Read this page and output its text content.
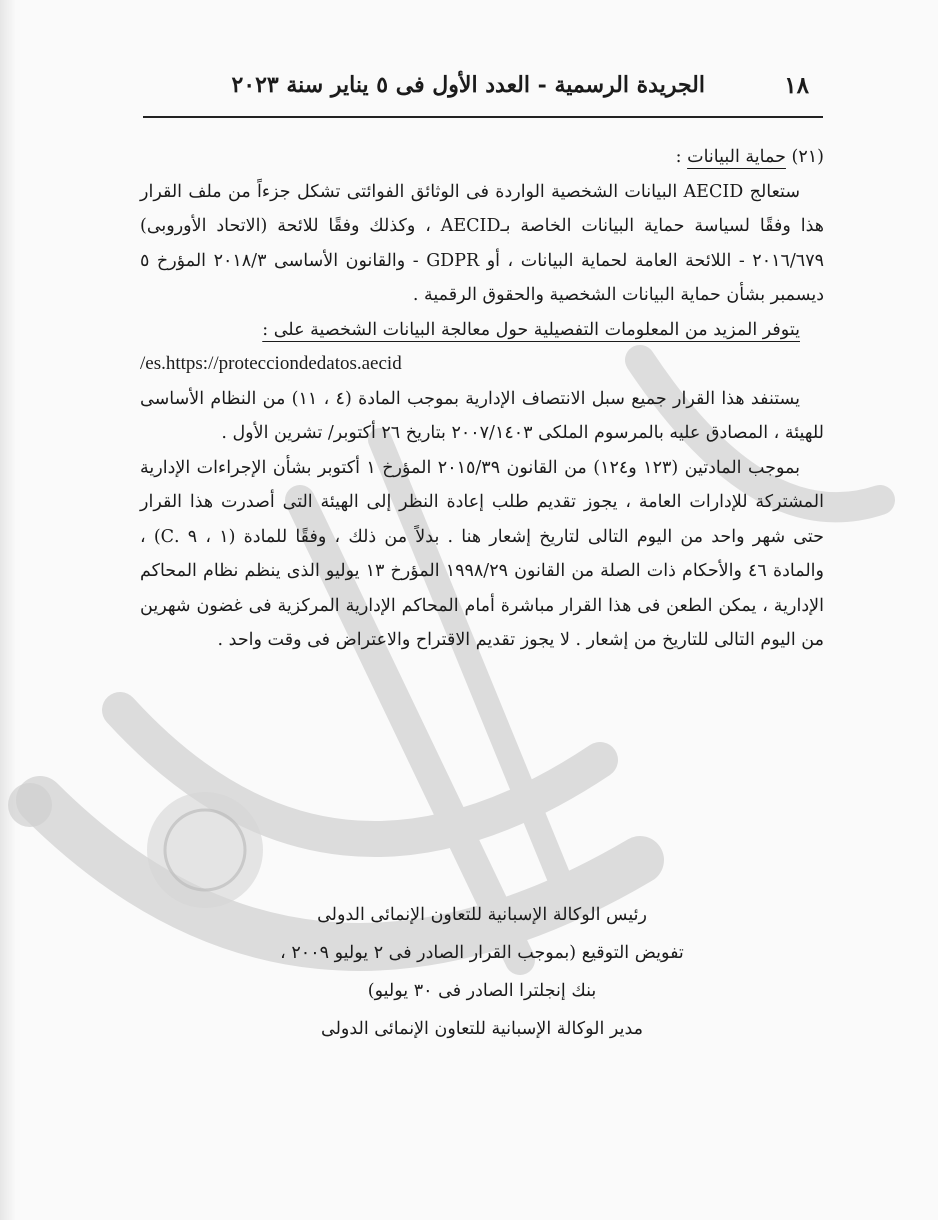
١٨
الجريدة الرسمية - العدد الأول فى ٥ يناير سنة ٢٠٢٣

(٢١) حماية البيانات :

ستعالج AECID البيانات الشخصية الواردة فى الوثائق الفوائتى تشكل جزءاً من ملف القرار هذا وفقًا لسياسة حماية البيانات الخاصة بـAECID ، وكذلك وفقًا للائحة (الاتحاد الأوروبى) ٢٠١٦/٦٧٩ - اللائحة العامة لحماية البيانات ، أو GDPR - والقانون الأساسى ٢٠١٨/٣ المؤرخ ٥ ديسمبر بشأن حماية البيانات الشخصية والحقوق الرقمية .

يتوفر المزيد من المعلومات التفصيلية حول معالجة البيانات الشخصية على :

/es.https://protecciondedatos.aecid

يستنفد هذا القرار جميع سبل الانتصاف الإدارية بموجب المادة (٤ ، ١١) من النظام الأساسى للهيئة ، المصادق عليه بالمرسوم الملكى ٢٠٠٧/١٤٠٣ بتاريخ ٢٦ أكتوبر/ تشرين الأول .

بموجب المادتين (١٢٣ و١٢٤) من القانون ٢٠١٥/٣٩ المؤرخ ١ أكتوبر بشأن الإجراءات الإدارية المشتركة للإدارات العامة ، يجوز تقديم طلب إعادة النظر إلى الهيئة التى أصدرت هذا القرار حتى شهر واحد من اليوم التالى لتاريخ إشعار هنا . بدلاً من ذلك ، وفقًا للمادة (١ ، ٩ .C) ، والمادة ٤٦ والأحكام ذات الصلة من القانون ١٩٩٨/٢٩ المؤرخ ١٣ يوليو الذى ينظم نظام المحاكم الإدارية ، يمكن الطعن فى هذا القرار مباشرة أمام المحاكم الإدارية المركزية فى غضون شهرين من اليوم التالى للتاريخ من إشعار . لا يجوز تقديم الاقتراح والاعتراض فى وقت واحد .

رئيس الوكالة الإسبانية للتعاون الإنمائى الدولى

تفويض التوقيع (بموجب القرار الصادر فى ٢ يوليو ٢٠٠٩ ،

بنك إنجلترا الصادر فى ٣٠ يوليو)

مدير الوكالة الإسبانية للتعاون الإنمائى الدولى
